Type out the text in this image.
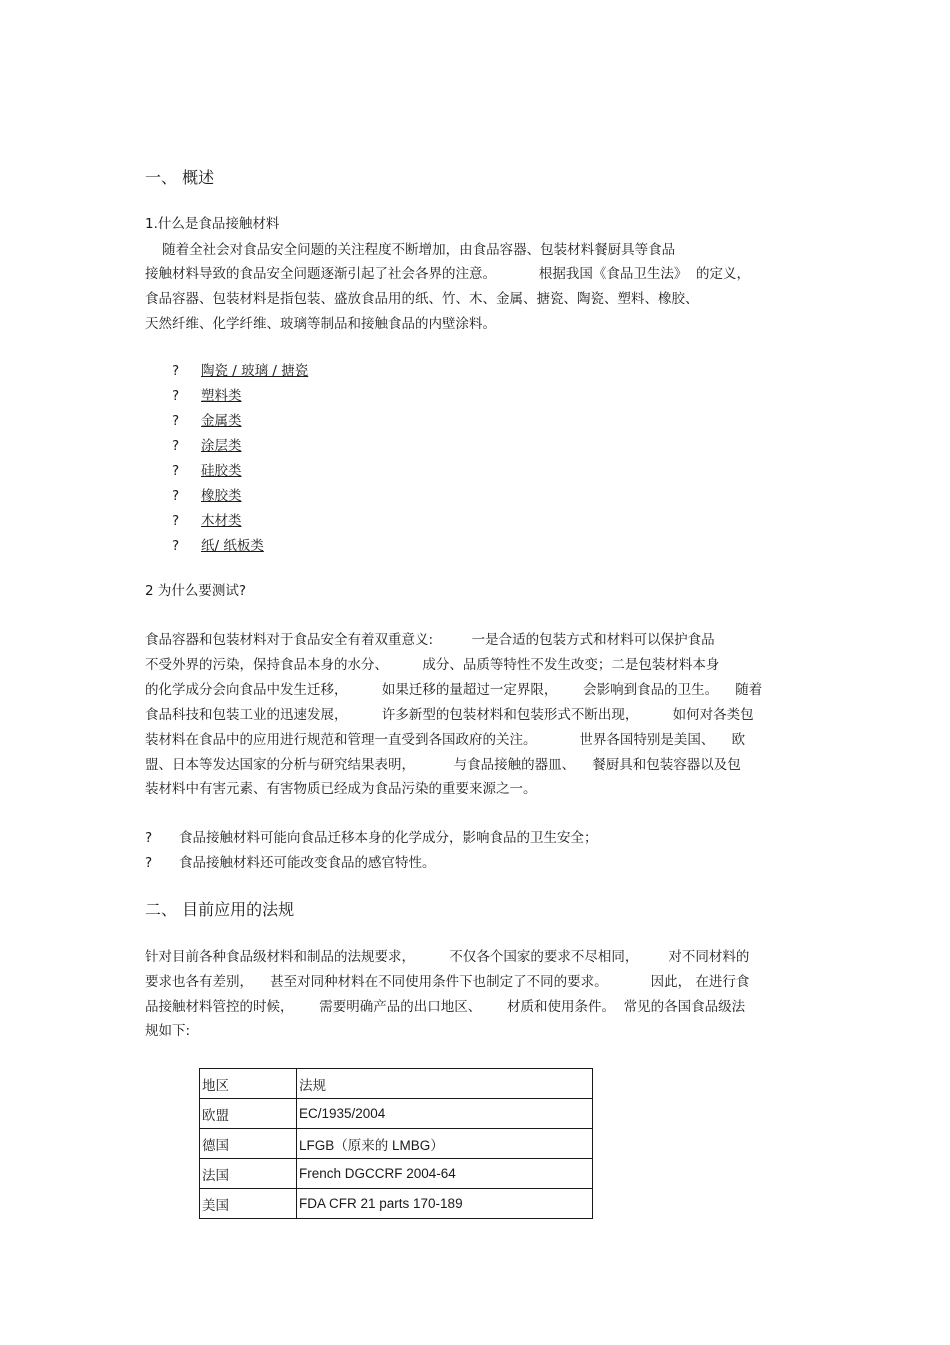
一、 概述
1.什么是食品接触材料
随着全社会对食品安全问题的关注程度不断增加，由食品容器、包装材料餐厨具等食品
接触材料导致的食品安全问题逐渐引起了社会各界的注意。          根据我国《食品卫生法》  的定义，
食品容器、包装材料是指包装、盛放食品用的纸、竹、木、金属、搪瓷、陶瓷、塑料、橡胶、
天然纤维、化学纤维、玻璃等制品和接触食品的内壁涂料。
? 陶瓷 / 玻璃 / 搪瓷
? 塑料类
? 金属类
? 涂层类
? 硅胶类
? 橡胶类
? 木材类
? 纸/ 纸板类
2 为什么要测试?
食品容器和包装材料对于食品安全有着双重意义:         一是合适的包装方式和材料可以保护食品
不受外界的污染，保持食品本身的水分、        成分、品质等特性不发生改变；二是包装材料本身
的化学成分会向食品中发生迁移，        如果迁移的量超过一定界限，      会影响到食品的卫生。    随着
食品科技和包装工业的迅速发展，        许多新型的包装材料和包装形式不断出现，        如何对各类包
装材料在食品中的应用进行规范和管理一直受到各国政府的关注。          世界各国特别是美国、    欧
盟、日本等发达国家的分析与研究结果表明，         与食品接触的器皿、    餐厨具和包装容器以及包
装材料中有害元素、有害物质已经成为食品污染的重要来源之一。
? 食品接触材料可能向食品迁移本身的化学成分，影响食品的卫生安全；
? 食品接触材料还可能改变食品的感官特性。
二、 目前应用的法规
针对目前各种食品级材料和制品的法规要求，        不仅各个国家的要求不尽相同，       对不同材料的
要求也各有差别，    甚至对同种材料在不同使用条件下也制定了不同的要求。          因此， 在进行食
品接触材料管控的时候，      需要明确产品的出口地区、      材质和使用条件。  常见的各国食品级法
规如下:
地区	法规
欧盟	EC/1935/2004
德国	LFGB（原来的 LMBG）
法国	French DGCCRF 2004-64
美国	FDA CFR 21 parts 170-189
